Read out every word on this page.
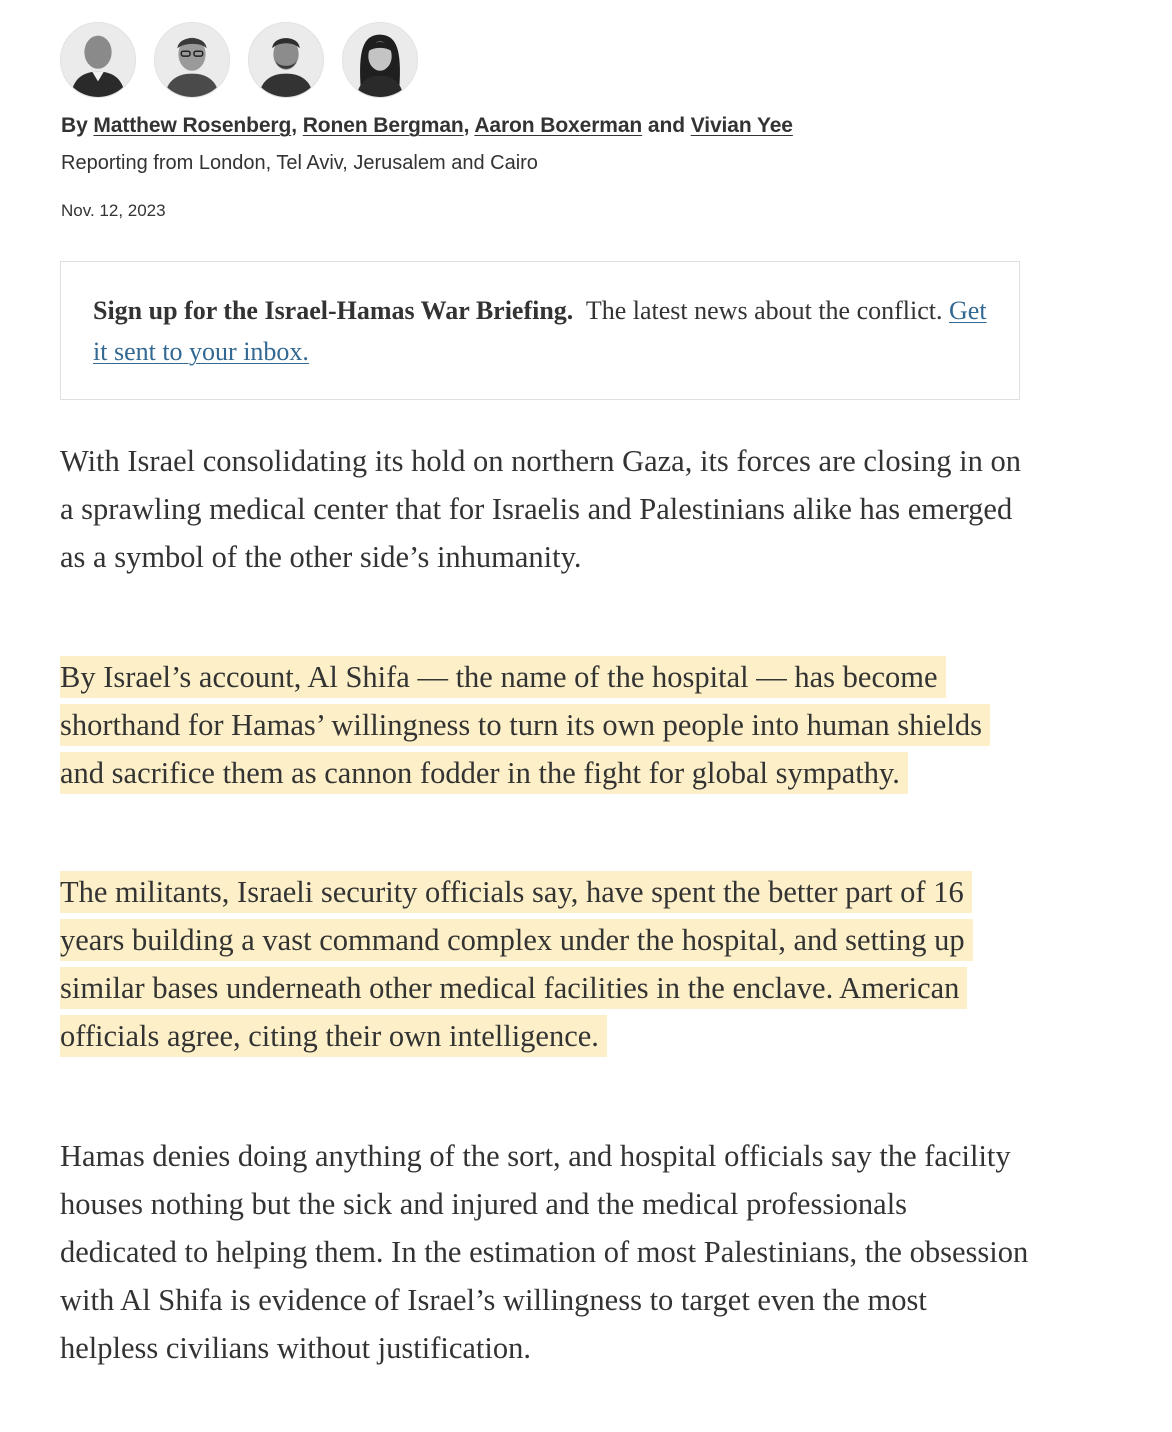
By Matthew Rosenberg, Ronen Bergman, Aaron Boxerman and Vivian Yee
Reporting from London, Tel Aviv, Jerusalem and Cairo
Nov. 12, 2023
Sign up for the Israel-Hamas War Briefing. The latest news about the conflict. Get it sent to your inbox.

With Israel consolidating its hold on northern Gaza, its forces are closing in on a sprawling medical center that for Israelis and Palestinians alike has emerged as a symbol of the other side’s inhumanity.

By Israel’s account, Al Shifa — the name of the hospital — has become shorthand for Hamas’ willingness to turn its own people into human shields and sacrifice them as cannon fodder in the fight for global sympathy.

The militants, Israeli security officials say, have spent the better part of 16 years building a vast command complex under the hospital, and setting up similar bases underneath other medical facilities in the enclave. American officials agree, citing their own intelligence.

Hamas denies doing anything of the sort, and hospital officials say the facility houses nothing but the sick and injured and the medical professionals dedicated to helping them. In the estimation of most Palestinians, the obsession with Al Shifa is evidence of Israel’s willingness to target even the most helpless civilians without justification.
